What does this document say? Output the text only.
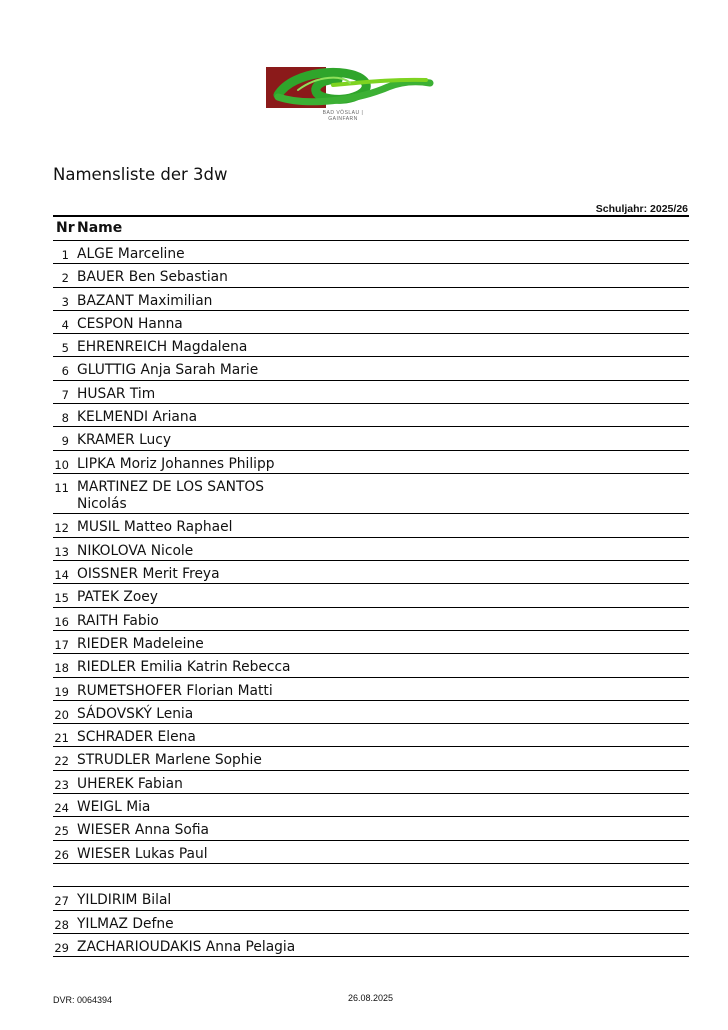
BAD VÖSLAU | GAINFARN
Namensliste der 3dw
Schuljahr: 2025/26
Nr Name
1 ALGE Marceline
2 BAUER Ben Sebastian
3 BAZANT Maximilian
4 CESPON Hanna
5 EHRENREICH Magdalena
6 GLUTTIG Anja Sarah Marie
7 HUSAR Tim
8 KELMENDI Ariana
9 KRAMER Lucy
10 LIPKA Moriz Johannes Philipp
11 MARTINEZ DE LOS SANTOS Nicolás
12 MUSIL Matteo Raphael
13 NIKOLOVA Nicole
14 OISSNER Merit Freya
15 PATEK Zoey
16 RAITH Fabio
17 RIEDER Madeleine
18 RIEDLER Emilia Katrin Rebecca
19 RUMETSHOFER Florian Matti
20 SÁDOVSKÝ Lenia
21 SCHRADER Elena
22 STRUDLER Marlene Sophie
23 UHEREK Fabian
24 WEIGL Mia
25 WIESER Anna Sofia
26 WIESER Lukas Paul
27 YILDIRIM Bilal
28 YILMAZ Defne
29 ZACHARIOUDAKIS Anna Pelagia
DVR: 0064394	26.08.2025
